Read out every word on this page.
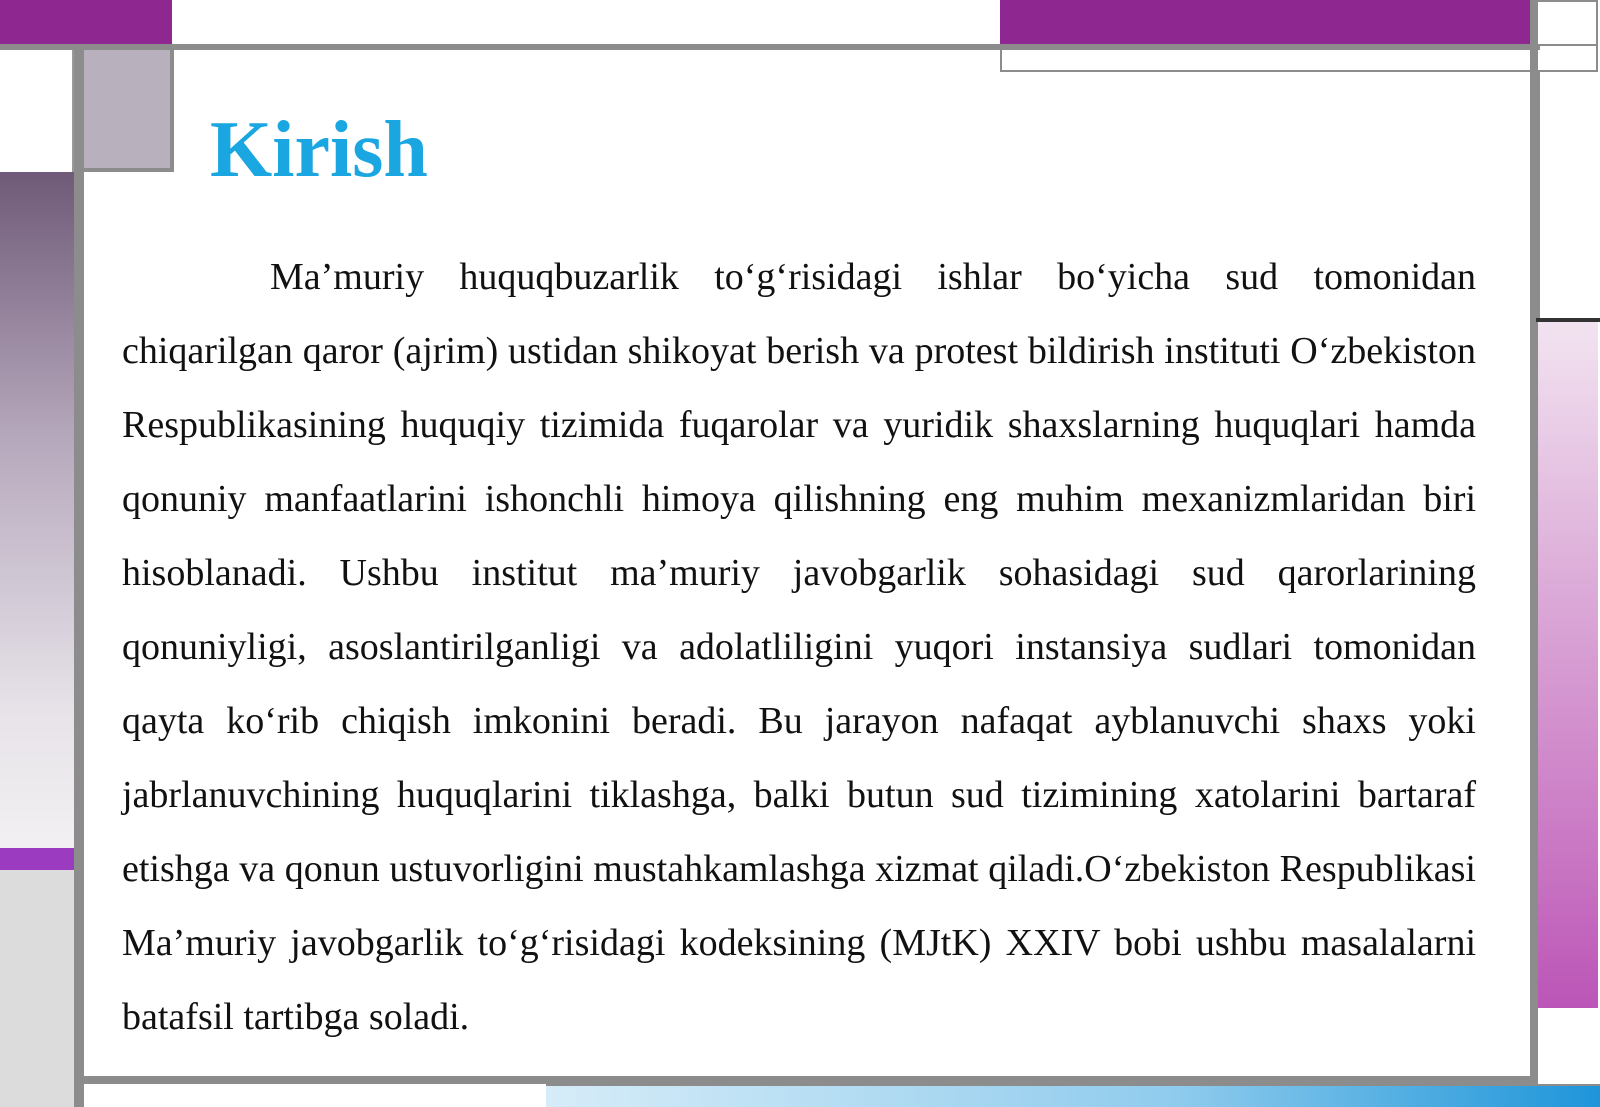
Kirish

Ma’muriy huquqbuzarlik to‘g‘risidagi ishlar bo‘yicha sud tomonidan chiqarilgan qaror (ajrim) ustidan shikoyat berish va protest bildirish instituti O‘zbekiston Respublikasining huquqiy tizimida fuqarolar va yuridik shaxslarning huquqlari hamda qonuniy manfaatlarini ishonchli himoya qilishning eng muhim mexanizmlaridan biri hisoblanadi. Ushbu institut ma’muriy javobgarlik sohasidagi sud qarorlarining qonuniyligi, asoslantirilganligi va adolatliligini yuqori instansiya sudlari tomonidan qayta ko‘rib chiqish imkonini beradi. Bu jarayon nafaqat ayblanuvchi shaxs yoki jabrlanuvchining huquqlarini tiklashga, balki butun sud tizimining xatolarini bartaraf etishga va qonun ustuvorligini mustahkamlashga xizmat qiladi.O‘zbekiston Respublikasi Ma’muriy javobgarlik to‘g‘risidagi kodeksining (MJtK) XXIV bobi ushbu masalalarni batafsil tartibga soladi.
